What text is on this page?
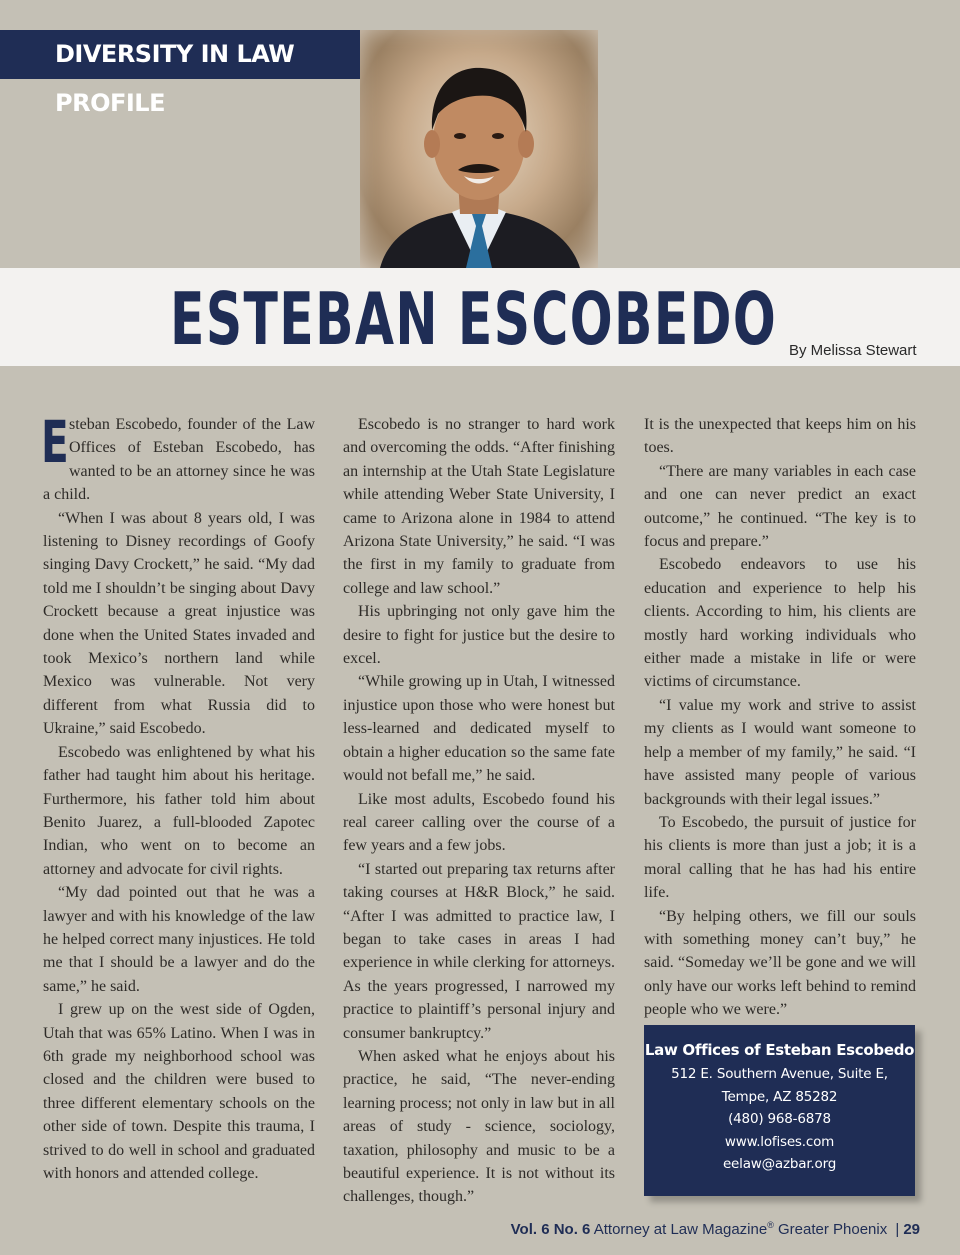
DIVERSITY IN LAW PROFILE
ESTEBAN ESCOBEDO By Melissa Stewart

Esteban Escobedo, founder of the Law Offices of Esteban Escobedo, has wanted to be an attorney since he was a child.

“When I was about 8 years old, I was listening to Disney recordings of Goofy singing Davy Crockett,” he said. “My dad told me I shouldn’t be singing about Davy Crockett because a great injustice was done when the United States invaded and took Mexico’s northern land while Mexico was vulnerable. Not very different from what Russia did to Ukraine,” said Escobedo.

Escobedo was enlightened by what his father had taught him about his heritage. Furthermore, his father told him about Benito Juarez, a full-blooded Zapotec Indian, who went on to become an attorney and advocate for civil rights.

“My dad pointed out that he was a lawyer and with his knowledge of the law he helped correct many injustices. He told me that I should be a lawyer and do the same,” he said.

I grew up on the west side of Ogden, Utah that was 65% Latino. When I was in 6th grade my neighborhood school was closed and the children were bused to three different elementary schools on the other side of town. Despite this trauma, I strived to do well in school and graduated with honors and attended college.

Escobedo is no stranger to hard work and overcoming the odds. “After finishing an internship at the Utah State Legislature while attending Weber State University, I came to Arizona alone in 1984 to attend Arizona State University,” he said. “I was the first in my family to graduate from college and law school.”

His upbringing not only gave him the desire to fight for justice but the desire to excel.

“While growing up in Utah, I witnessed injustice upon those who were honest but less-learned and dedicated myself to obtain a higher education so the same fate would not befall me,” he said.

Like most adults, Escobedo found his real career calling over the course of a few years and a few jobs.

“I started out preparing tax returns after taking courses at H&R Block,” he said. “After I was admitted to practice law, I began to take cases in areas I had experience in while clerking for attorneys. As the years progressed, I narrowed my practice to plaintiff’s personal injury and consumer bankruptcy.”

When asked what he enjoys about his practice, he said, “The never-ending learning process; not only in law but in all areas of study - science, sociology, taxation, philosophy and music to be a beautiful experience. It is not without its challenges, though.”

It is the unexpected that keeps him on his toes.

“There are many variables in each case and one can never predict an exact outcome,” he continued. “The key is to focus and prepare.”

Escobedo endeavors to use his education and experience to help his clients. According to him, his clients are mostly hard working individuals who either made a mistake in life or were victims of circumstance.

“I value my work and strive to assist my clients as I would want someone to help a member of my family,” he said. “I have assisted many people of various backgrounds with their legal issues.”

To Escobedo, the pursuit of justice for his clients is more than just a job; it is a moral calling that he has had his entire life.

“By helping others, we fill our souls with something money can’t buy,” he said. “Someday we’ll be gone and we will only have our works left behind to remind people who we were.”

Law Offices of Esteban Escobedo
512 E. Southern Avenue, Suite E,
Tempe, AZ 85282
(480) 968-6878
www.lofises.com
eelaw@azbar.org
Vol. 6 No. 6 Attorney at Law Magazine® Greater Phoenix | 29
